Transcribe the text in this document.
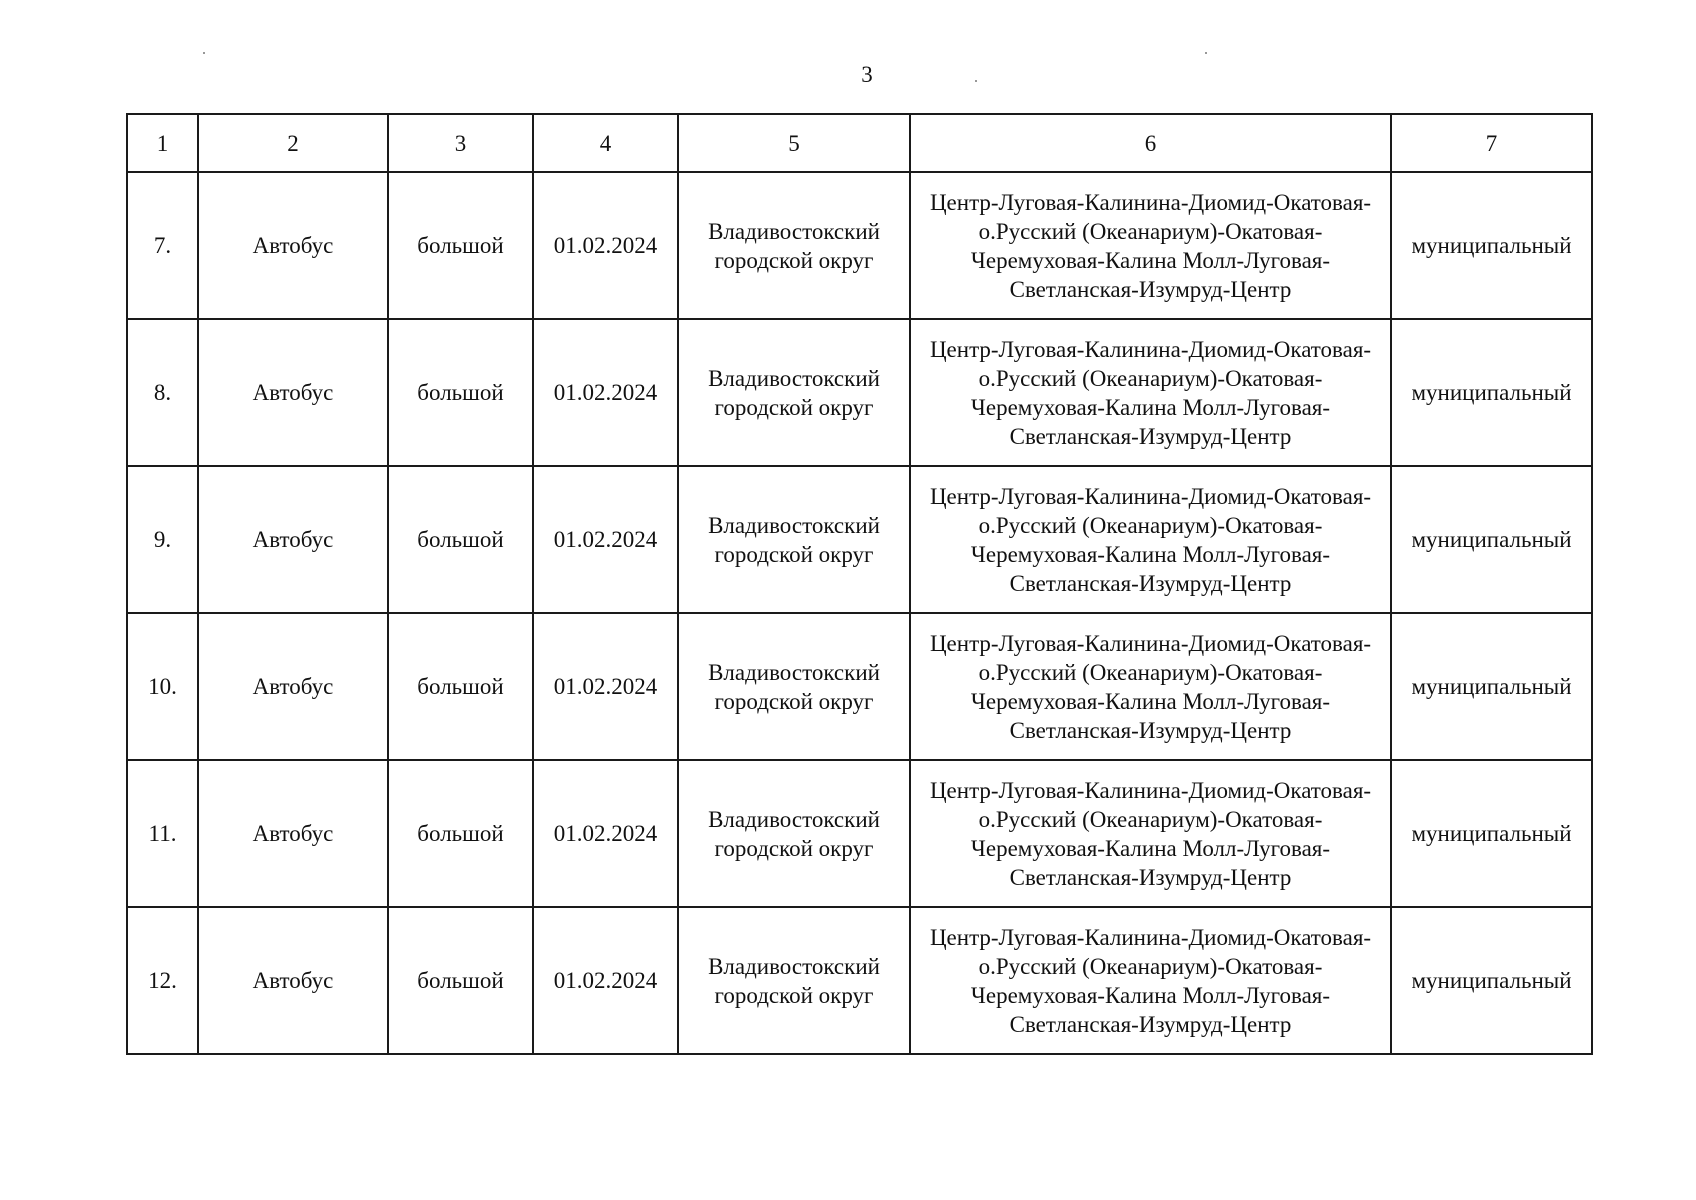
3
1	2	3	4	5	6	7
7.	Автобус	большой	01.02.2024	Владивостокский городской округ	Центр-Луговая-Калинина-Диомид-Окатовая-
о.Русский (Океанариум)-Окатовая-
Черемуховая-Калина Молл-Луговая-
Светланская-Изумруд-Центр	муниципальный
8.	Автобус	большой	01.02.2024	Владивостокский городской округ	Центр-Луговая-Калинина-Диомид-Окатовая-
о.Русский (Океанариум)-Окатовая-
Черемуховая-Калина Молл-Луговая-
Светланская-Изумруд-Центр	муниципальный
9.	Автобус	большой	01.02.2024	Владивостокский городской округ	Центр-Луговая-Калинина-Диомид-Окатовая-
о.Русский (Океанариум)-Окатовая-
Черемуховая-Калина Молл-Луговая-
Светланская-Изумруд-Центр	муниципальный
10.	Автобус	большой	01.02.2024	Владивостокский городской округ	Центр-Луговая-Калинина-Диомид-Окатовая-
о.Русский (Океанариум)-Окатовая-
Черемуховая-Калина Молл-Луговая-
Светланская-Изумруд-Центр	муниципальный
11.	Автобус	большой	01.02.2024	Владивостокский городской округ	Центр-Луговая-Калинина-Диомид-Окатовая-
о.Русский (Океанариум)-Окатовая-
Черемуховая-Калина Молл-Луговая-
Светланская-Изумруд-Центр	муниципальный
12.	Автобус	большой	01.02.2024	Владивостокский городской округ	Центр-Луговая-Калинина-Диомид-Окатовая-
о.Русский (Океанариум)-Окатовая-
Черемуховая-Калина Молл-Луговая-
Светланская-Изумруд-Центр	муниципальный
